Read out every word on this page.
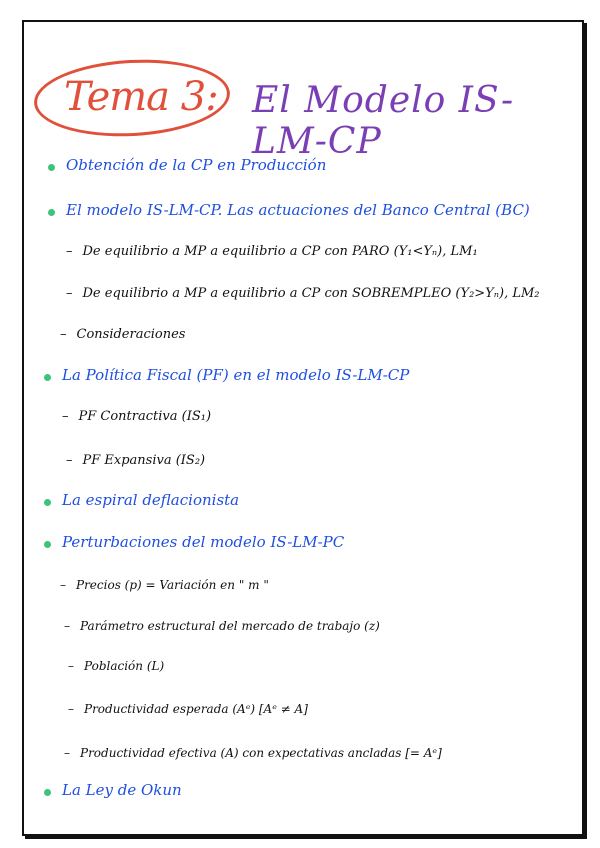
Tema 3: El Modelo IS-LM-CP
Obtención de la CP en Producción
El modelo IS-LM-CP. Las actuaciones del Banco Central (BC)
– De equilibrio a MP a equilibrio a CP con PARO (Y₁<Yₙ), LM₁
– De equilibrio a MP a equilibrio a CP con SOBREMPLEO (Y₂>Yₙ), LM₂
– Consideraciones
La Política Fiscal (PF) en el modelo IS-LM-CP
– PF Contractiva (IS₁)
– PF Expansiva (IS₂)
La espiral deflacionista
Perturbaciones del modelo IS-LM-PC
– Precios (p) = Variación en " m "
– Parámetro estructural del mercado de trabajo (z)
– Población (L)
– Productividad esperada (Aᵉ) [Aᵉ ≠ A]
– Productividad efectiva (A) con expectativas ancladas [= Aᵉ]
La Ley de Okun
